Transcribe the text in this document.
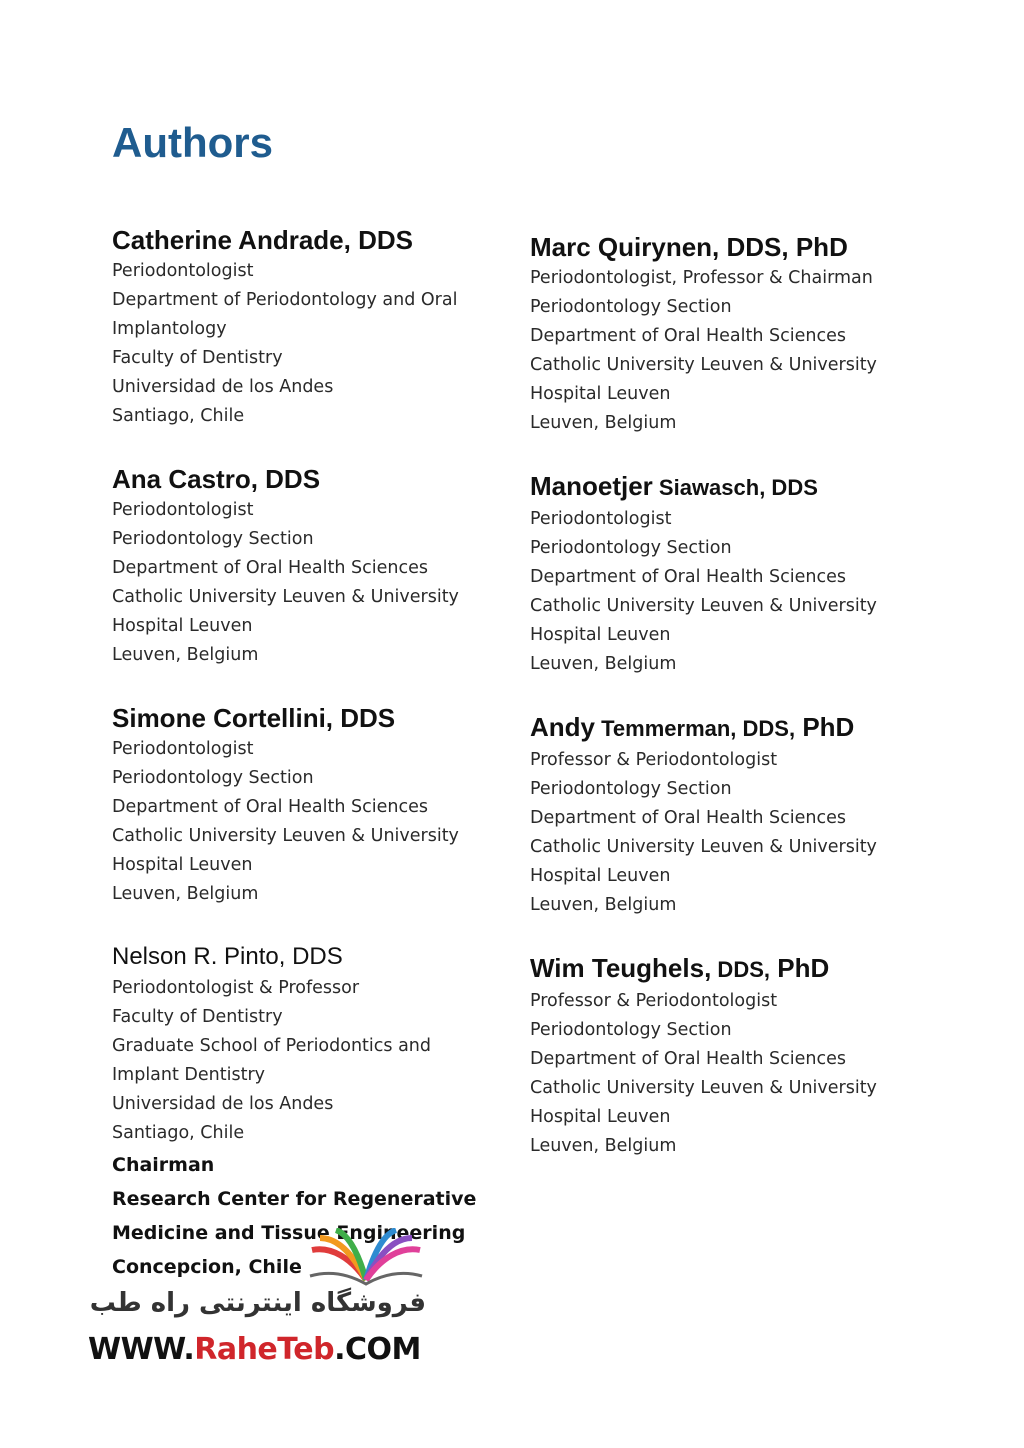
Authors
Catherine Andrade, DDS
Periodontologist
Department of Periodontology and Oral
Implantology
Faculty of Dentistry
Universidad de los Andes
Santiago, Chile
Ana Castro, DDS
Periodontologist
Periodontology Section
Department of Oral Health Sciences
Catholic University Leuven & University
Hospital Leuven
Leuven, Belgium
Simone Cortellini, DDS
Periodontologist
Periodontology Section
Department of Oral Health Sciences
Catholic University Leuven & University
Hospital Leuven
Leuven, Belgium
Nelson R. Pinto, DDS
Periodontologist & Professor
Faculty of Dentistry
Graduate School of Periodontics and
Implant Dentistry
Universidad de los Andes
Santiago, Chile
Chairman
Research Center for Regenerative
Medicine and Tissue Engineering
Concepcion, Chile
Marc Quirynen, DDS, PhD
Periodontologist, Professor & Chairman
Periodontology Section
Department of Oral Health Sciences
Catholic University Leuven & University
Hospital Leuven
Leuven, Belgium
Manoetjer Siawasch, DDS
Periodontologist
Periodontology Section
Department of Oral Health Sciences
Catholic University Leuven & University
Hospital Leuven
Leuven, Belgium
Andy Temmerman, DDS, PhD
Professor & Periodontologist
Periodontology Section
Department of Oral Health Sciences
Catholic University Leuven & University
Hospital Leuven
Leuven, Belgium
Wim Teughels, DDS, PhD
Professor & Periodontologist
Periodontology Section
Department of Oral Health Sciences
Catholic University Leuven & University
Hospital Leuven
Leuven, Belgium
فروشگاه اینترنتی راه طب
WWW.RaheTeb.COM
